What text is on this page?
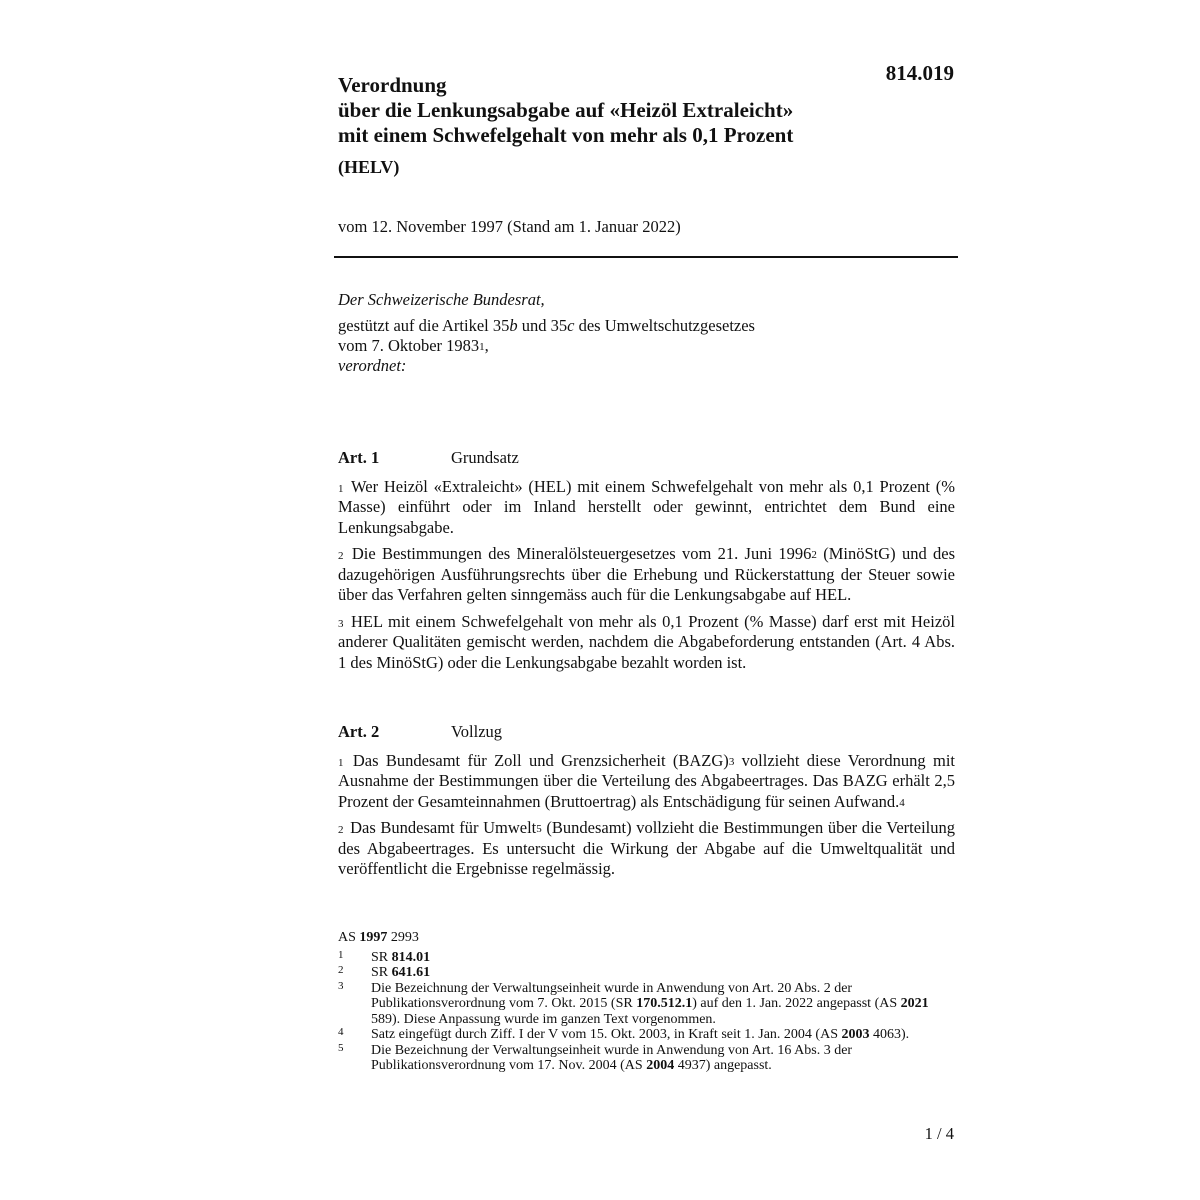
814.019
Verordnung
über die Lenkungsabgabe auf «Heizöl Extraleicht»
mit einem Schwefelgehalt von mehr als 0,1 Prozent
(HELV)
vom 12. November 1997 (Stand am 1. Januar 2022)
Der Schweizerische Bundesrat,
gestützt auf die Artikel 35b und 35c des Umweltschutzgesetzes
vom 7. Oktober 1983$^1$,
verordnet:
Art. 1	Grundsatz
$^1$ Wer Heizöl «Extraleicht» (HEL) mit einem Schwefelgehalt von mehr als 0,1 Prozent (% Masse) einführt oder im Inland herstellt oder gewinnt, entrichtet dem Bund eine Lenkungsabgabe.
$^2$ Die Bestimmungen des Mineralölsteuergesetzes vom 21. Juni 1996$^2$ (MinöStG) und des dazugehörigen Ausführungsrechts über die Erhebung und Rückerstattung der Steuer sowie über das Verfahren gelten sinngemäss auch für die Lenkungsabgabe auf HEL.
$^3$ HEL mit einem Schwefelgehalt von mehr als 0,1 Prozent (% Masse) darf erst mit Heizöl anderer Qualitäten gemischt werden, nachdem die Abgabeforderung entstanden (Art. 4 Abs. 1 des MinöStG) oder die Lenkungsabgabe bezahlt worden ist.
Art. 2	Vollzug
$^1$ Das Bundesamt für Zoll und Grenzsicherheit (BAZG)$^3$ vollzieht diese Verordnung mit Ausnahme der Bestimmungen über die Verteilung des Abgabeertrages. Das BAZG erhält 2,5 Prozent der Gesamteinnahmen (Bruttoertrag) als Entschädigung für seinen Aufwand.$^4$
$^2$ Das Bundesamt für Umwelt$^5$ (Bundesamt) vollzieht die Bestimmungen über die Verteilung des Abgabeertrages. Es untersucht die Wirkung der Abgabe auf die Umweltqualität und veröffentlicht die Ergebnisse regelmässig.
AS 1997 2993
1	SR 814.01
2	SR 641.61
3	Die Bezeichnung der Verwaltungseinheit wurde in Anwendung von Art. 20 Abs. 2 der Publikationsverordnung vom 7. Okt. 2015 (SR 170.512.1) auf den 1. Jan. 2022 angepasst (AS 2021 589). Diese Anpassung wurde im ganzen Text vorgenommen.
4	Satz eingefügt durch Ziff. I der V vom 15. Okt. 2003, in Kraft seit 1. Jan. 2004 (AS 2003 4063).
5	Die Bezeichnung der Verwaltungseinheit wurde in Anwendung von Art. 16 Abs. 3 der Publikationsverordnung vom 17. Nov. 2004 (AS 2004 4937) angepasst.
1 / 4
